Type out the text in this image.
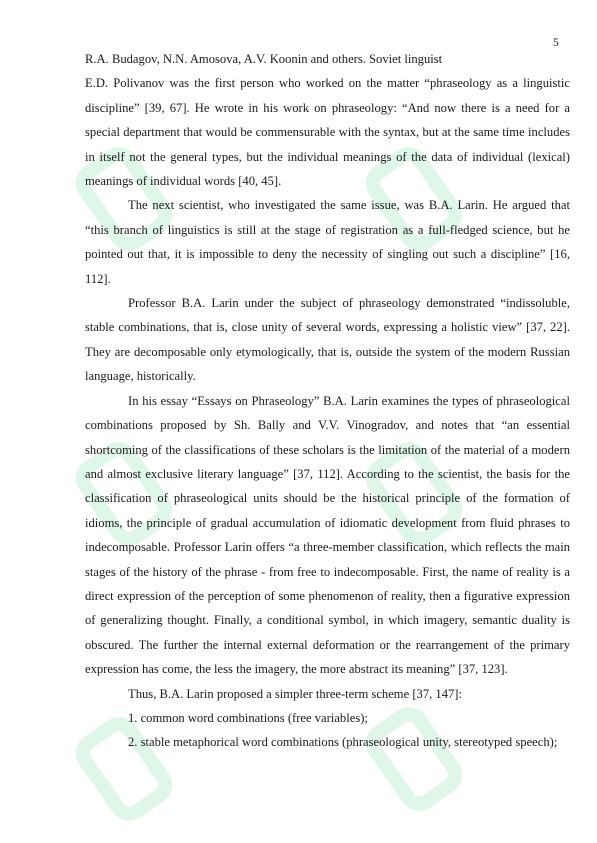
5

R.A. Budagov, N.N. Amosova, A.V. Koonin and others. Soviet linguist

E.D. Polivanov was the first person who worked on the matter “phraseology as a linguistic discipline” [39, 67]. He wrote in his work on phraseology: “And now there is a need for a special department that would be commensurable with the syntax, but at the same time includes in itself not the general types, but the individual meanings of the data of individual (lexical) meanings of individual words [40, 45].

The next scientist, who investigated the same issue, was B.A. Larin. He argued that “this branch of linguistics is still at the stage of registration as a full-fledged science, but he pointed out that, it is impossible to deny the necessity of singling out such a discipline” [16, 112].

Professor B.A. Larin under the subject of phraseology demonstrated “indissoluble, stable combinations, that is, close unity of several words, expressing a holistic view” [37, 22]. They are decomposable only etymologically, that is, outside the system of the modern Russian language, historically.

In his essay “Essays on Phraseology” B.A. Larin examines the types of phraseological combinations proposed by Sh. Bally and V.V. Vinogradov, and notes that “an essential shortcoming of the classifications of these scholars is the limitation of the material of a modern and almost exclusive literary language” [37, 112]. According to the scientist, the basis for the classification of phraseological units should be the historical principle of the formation of idioms, the principle of gradual accumulation of idiomatic development from fluid phrases to indecomposable. Professor Larin offers “a three-member classification, which reflects the main stages of the history of the phrase - from free to indecomposable. First, the name of reality is a direct expression of the perception of some phenomenon of reality, then a figurative expression of generalizing thought. Finally, a conditional symbol, in which imagery, semantic duality is obscured. The further the internal external deformation or the rearrangement of the primary expression has come, the less the imagery, the more abstract its meaning” [37, 123].

Thus, B.A. Larin proposed a simpler three-term scheme [37, 147]:

1. common word combinations (free variables);

2. stable metaphorical word combinations (phraseological unity, stereotyped speech);
